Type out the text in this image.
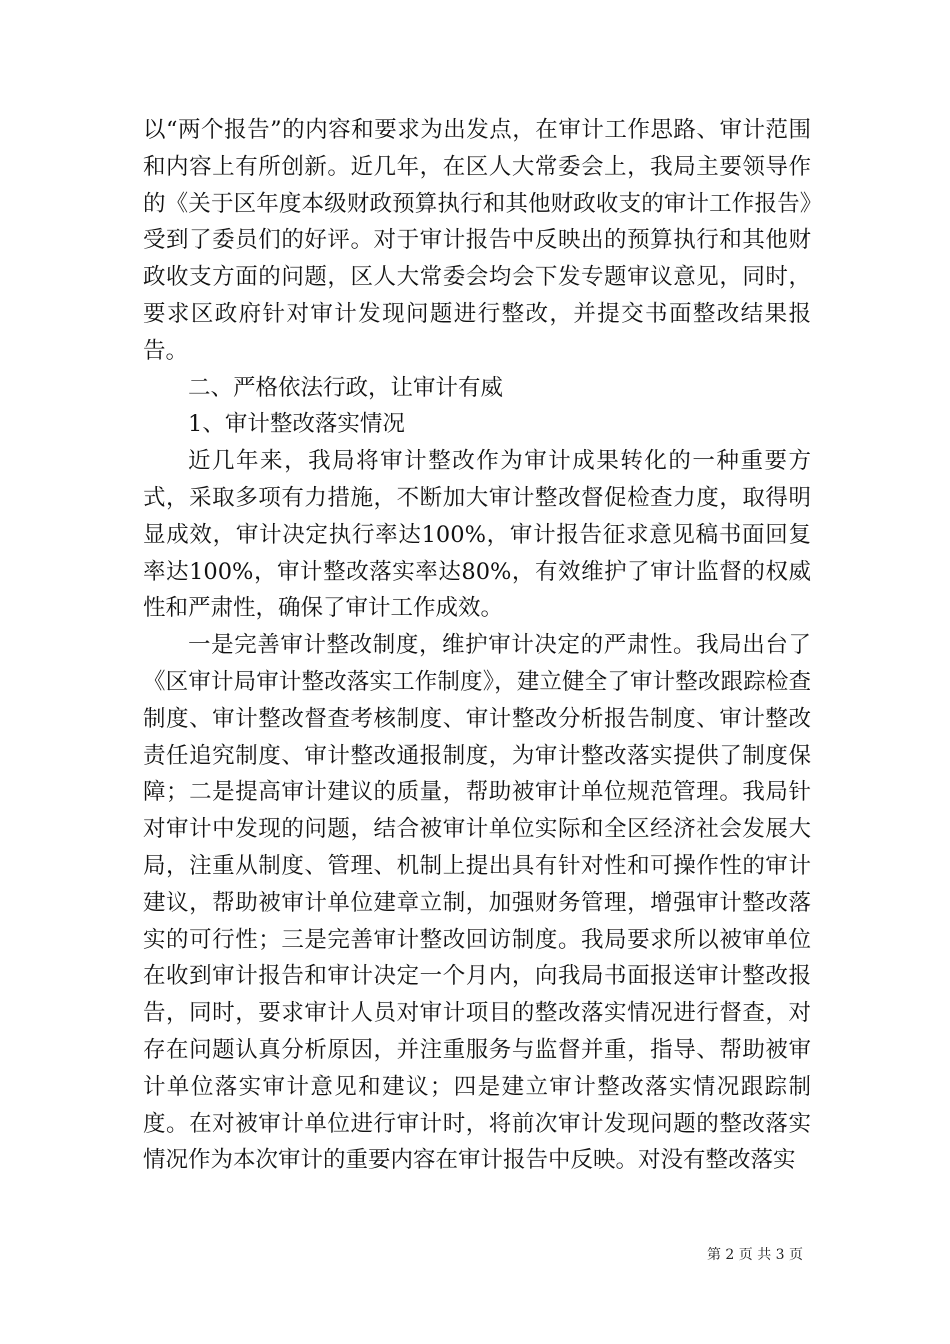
以“两个报告”的内容和要求为出发点，在审计工作思路、审计范围和内容上有所创新。近几年，在区人大常委会上，我局主要领导作的《关于区年度本级财政预算执行和其他财政收支的审计工作报告》受到了委员们的好评。对于审计报告中反映出的预算执行和其他财政收支方面的问题，区人大常委会均会下发专题审议意见，同时，要求区政府针对审计发现问题进行整改，并提交书面整改结果报告。

二、严格依法行政，让审计有威

1、审计整改落实情况

近几年来，我局将审计整改作为审计成果转化的一种重要方式，采取多项有力措施，不断加大审计整改督促检查力度，取得明显成效，审计决定执行率达100%，审计报告征求意见稿书面回复率达100%，审计整改落实率达80%，有效维护了审计监督的权威性和严肃性，确保了审计工作成效。

一是完善审计整改制度，维护审计决定的严肃性。我局出台了《区审计局审计整改落实工作制度》，建立健全了审计整改跟踪检查制度、审计整改督查考核制度、审计整改分析报告制度、审计整改责任追究制度、审计整改通报制度，为审计整改落实提供了制度保障；二是提高审计建议的质量，帮助被审计单位规范管理。我局针对审计中发现的问题，结合被审计单位实际和全区经济社会发展大局，注重从制度、管理、机制上提出具有针对性和可操作性的审计建议，帮助被审计单位建章立制，加强财务管理，增强审计整改落实的可行性；三是完善审计整改回访制度。我局要求所以被审单位在收到审计报告和审计决定一个月内，向我局书面报送审计整改报告，同时，要求审计人员对审计项目的整改落实情况进行督查，对存在问题认真分析原因，并注重服务与监督并重，指导、帮助被审计单位落实审计意见和建议；四是建立审计整改落实情况跟踪制度。在对被审计单位进行审计时，将前次审计发现问题的整改落实情况作为本次审计的重要内容在审计报告中反映。对没有整改落实

第 2 页 共 3 页
